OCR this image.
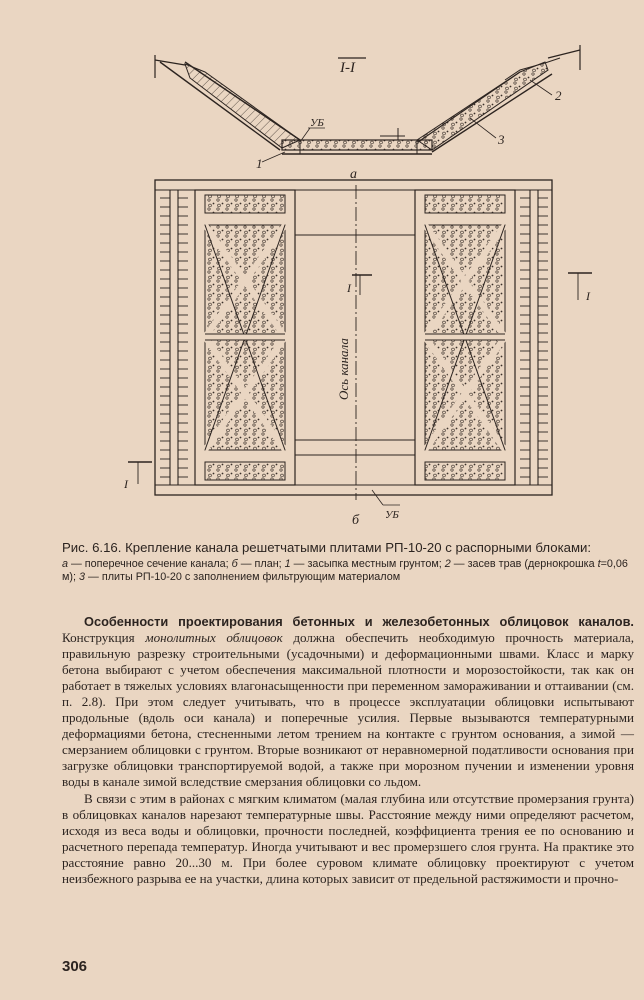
I-I
УБ
2
3
1
а
Ось канала
I
I
I
УБ
б
Рис. 6.16. Крепление канала решетчатыми плитами РП-10-20 с распорными блоками:
а — поперечное сечение канала; б — план; 1 — засыпка местным грунтом; 2 — засев трав (дернокрошка t=0,06 м); 3 — плиты РП-10-20 с заполнением фильтрующим материалом

Особенности проектирования бетонных и железобетонных облицовок каналов. Конструкция монолитных облицовок должна обеспечить необходимую прочность материала, правильную разрезку строительными (усадочными) и деформационными швами. Класс и марку бетона выбирают с учетом обеспечения максимальной плотности и морозостойкости, так как он работает в тяжелых условиях влагонасыщенности при переменном замораживании и оттаивании (см. п. 2.8). При этом следует учитывать, что в процессе эксплуатации облицовки испытывают продольные (вдоль оси канала) и поперечные усилия. Первые вызываются температурными деформациями бетона, стесненными летом трением на контакте с грунтом основания, а зимой — смерзанием облицовки с грунтом. Вторые возникают от неравномерной податливости основания при загрузке облицовки транспортируемой водой, а также при морозном пучении и изменении уровня воды в канале зимой вследствие смерзания облицовки со льдом.

В связи с этим в районах с мягким климатом (малая глубина или отсутствие промерзания грунта) в облицовках каналов нарезают температурные швы. Расстояние между ними определяют расчетом, исходя из веса воды и облицовки, прочности последней, коэффициента трения ее по основанию и расчетного перепада температур. Иногда учитывают и вес промерзшего слоя грунта. На практике это расстояние равно 20...30 м. При более суровом климате облицовку проектируют с учетом неизбежного разрыва ее на участки, длина которых зависит от предельной растяжимости и прочно-

306
